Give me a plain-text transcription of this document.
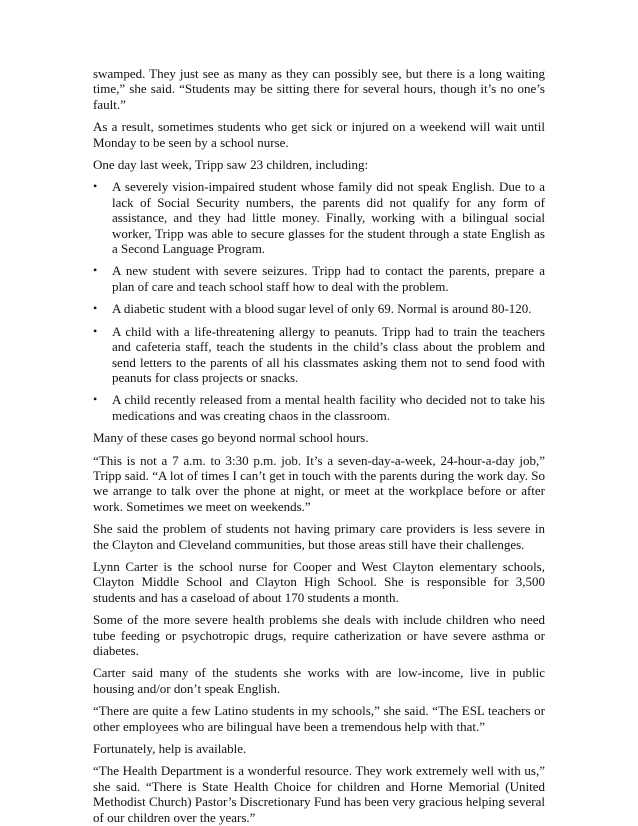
swamped. They just see as many as they can possibly see, but there is a long waiting time,” she said. “Students may be sitting there for several hours, though it’s no one’s fault.”

As a result, sometimes students who get sick or injured on a weekend will wait until Monday to be seen by a school nurse.

One day last week, Tripp saw 23 children, including:

• A severely vision-impaired student whose family did not speak English. Due to a lack of Social Security numbers, the parents did not qualify for any form of assistance, and they had little money. Finally, working with a bilingual social worker, Tripp was able to secure glasses for the student through a state English as a Second Language Program.
• A new student with severe seizures. Tripp had to contact the parents, prepare a plan of care and teach school staff how to deal with the problem.
• A diabetic student with a blood sugar level of only 69. Normal is around 80-120.
• A child with a life-threatening allergy to peanuts. Tripp had to train the teachers and cafeteria staff, teach the students in the child’s class about the problem and send letters to the parents of all his classmates asking them not to send food with peanuts for class projects or snacks.
• A child recently released from a mental health facility who decided not to take his medications and was creating chaos in the classroom.

Many of these cases go beyond normal school hours.

“This is not a 7 a.m. to 3:30 p.m. job. It’s a seven-day-a-week, 24-hour-a-day job,” Tripp said. “A lot of times I can’t get in touch with the parents during the work day. So we arrange to talk over the phone at night, or meet at the workplace before or after work. Sometimes we meet on weekends.”

She said the problem of students not having primary care providers is less severe in the Clayton and Cleveland communities, but those areas still have their challenges.

Lynn Carter is the school nurse for Cooper and West Clayton elementary schools, Clayton Middle School and Clayton High School. She is responsible for 3,500 students and has a caseload of about 170 students a month.

Some of the more severe health problems she deals with include children who need tube feeding or psychotropic drugs, require catherization or have severe asthma or diabetes.

Carter said many of the students she works with are low-income, live in public housing and/or don’t speak English.

“There are quite a few Latino students in my schools,” she said. “The ESL teachers or other employees who are bilingual have been a tremendous help with that.”

Fortunately, help is available.

“The Health Department is a wonderful resource. They work extremely well with us,” she said. “There is State Health Choice for children and Horne Memorial (United Methodist Church) Pastor’s Discretionary Fund has been very gracious helping several of our children over the years.”
